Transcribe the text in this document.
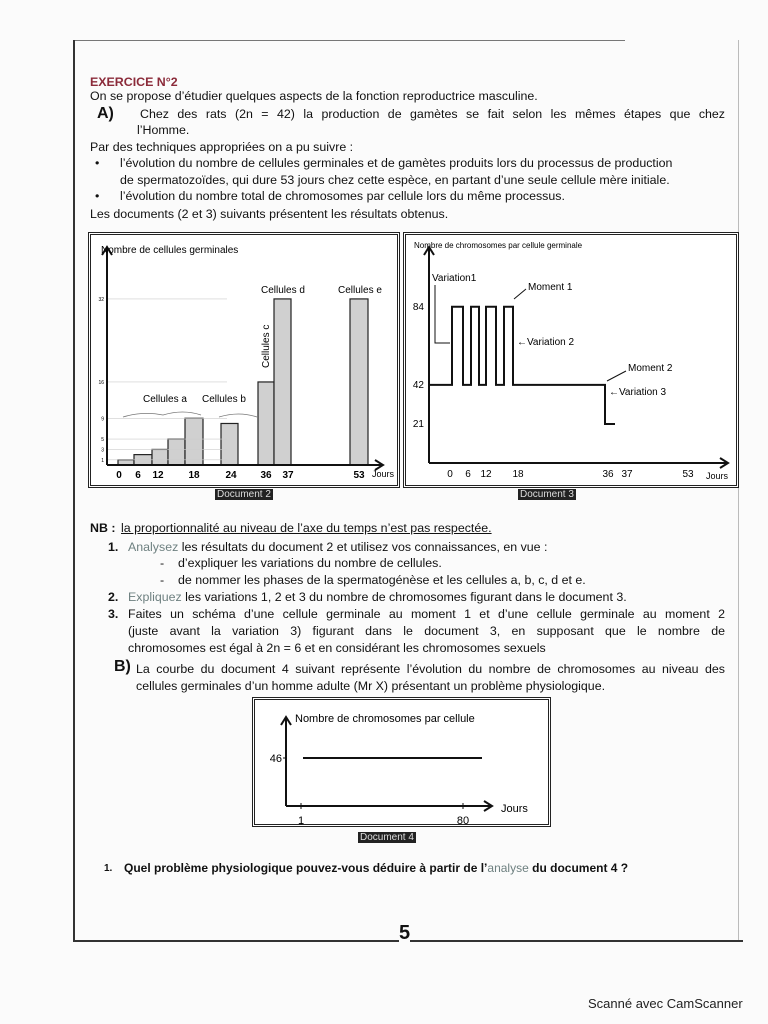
EXERCICE N°2
On se propose d’étudier quelques aspects de la fonction reproductrice masculine.
A) Chez des rats (2n = 42) la production de gamètes se fait selon les mêmes étapes que chez
l’Homme.
Par des techniques appropriées on a pu suivre :
• l’évolution du nombre de cellules germinales et de gamètes produits lors du processus de production
de spermatozoïdes, qui dure 53 jours chez cette espèce, en partant d’une seule cellule mère initiale.
• l’évolution du nombre total de chromosomes par cellule lors du même processus.
Les documents (2 et 3) suivants présentent les résultats obtenus.
1
3
5
9
16
32
0 6 12 18	24 36 37	53 Jours
Nombre de cellules germinales
Cellules a Cellules b
Cellules c
Cellules d	Cellules e
Document 2
21
42
84
0 6 12 18	36 37	53 Jours
Nombre de chromosomes par cellule germinale
Variation1
Moment 1
←Variation 2
Moment 2
←Variation 3
Document 3
NB : la proportionnalité au niveau de l’axe du temps n’est pas respectée.
1. Analysez les résultats du document 2 et utilisez vos connaissances, en vue :
- d’expliquer les variations du nombre de cellules.
- de nommer les phases de la spermatogénèse et les cellules a, b, c, d et e.
2. Expliquez les variations 1, 2 et 3 du nombre de chromosomes figurant dans le document 3.
3. Faites un schéma d’une cellule germinale au moment 1 et d’une cellule germinale au moment 2
(juste avant la variation 3) figurant dans le document 3, en supposant que le nombre de
chromosomes est égal à 2n = 6 et en considérant les chromosomes sexuels
B) La courbe du document 4 suivant représente l’évolution du nombre de chromosomes au niveau des
cellules germinales d’un homme adulte (Mr X) présentant un problème physiologique.
46
1	80
Jours
Nombre de chromosomes par cellule
Document 4
1. Quel problème physiologique pouvez-vous déduire à partir de l’analyse du document 4 ?
5
Scanné avec CamScanner
